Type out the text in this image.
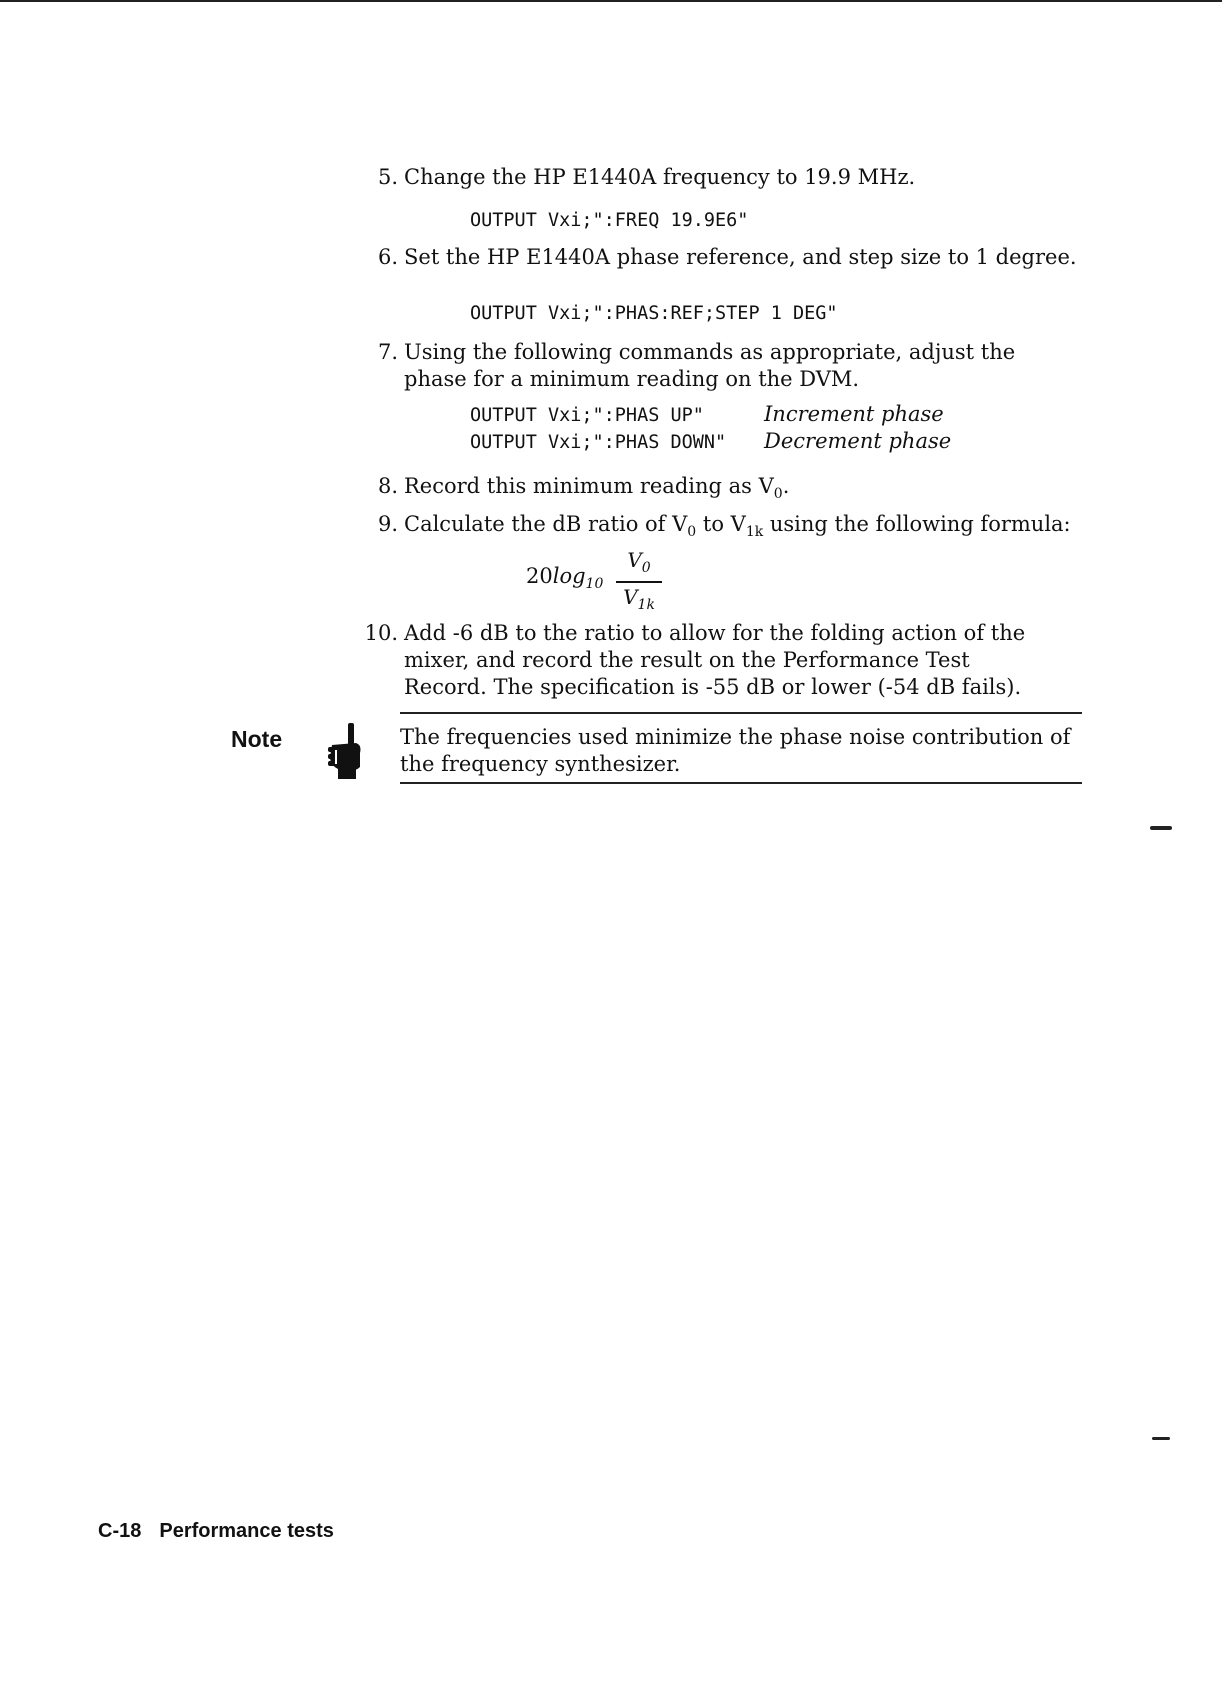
5. Change the HP E1440A frequency to 19.9 MHz.
OUTPUT Vxi;":FREQ 19.9E6"
6. Set the HP E1440A phase reference, and step size to 1 degree.
OUTPUT Vxi;":PHAS:REF;STEP 1 DEG"
7. Using the following commands as appropriate, adjust the phase for a minimum reading on the DVM.
OUTPUT Vxi;":PHAS UP"	Increment phase
OUTPUT Vxi;":PHAS DOWN" Decrement phase
8. Record this minimum reading as $V_0$.
9. Calculate the dB ratio of $V_0$ to $V_{1k}$ using the following formula:
$20\log_{10}$
$V_0$
$V_{1k}$
10. Add -6 dB to the ratio to allow for the folding action of the mixer, and record the result on the Performance Test Record. The specification is -55 dB or lower (-54 dB fails).
Note	The frequencies used minimize the phase noise contribution of the frequency synthesizer.
C-18 Performance tests
